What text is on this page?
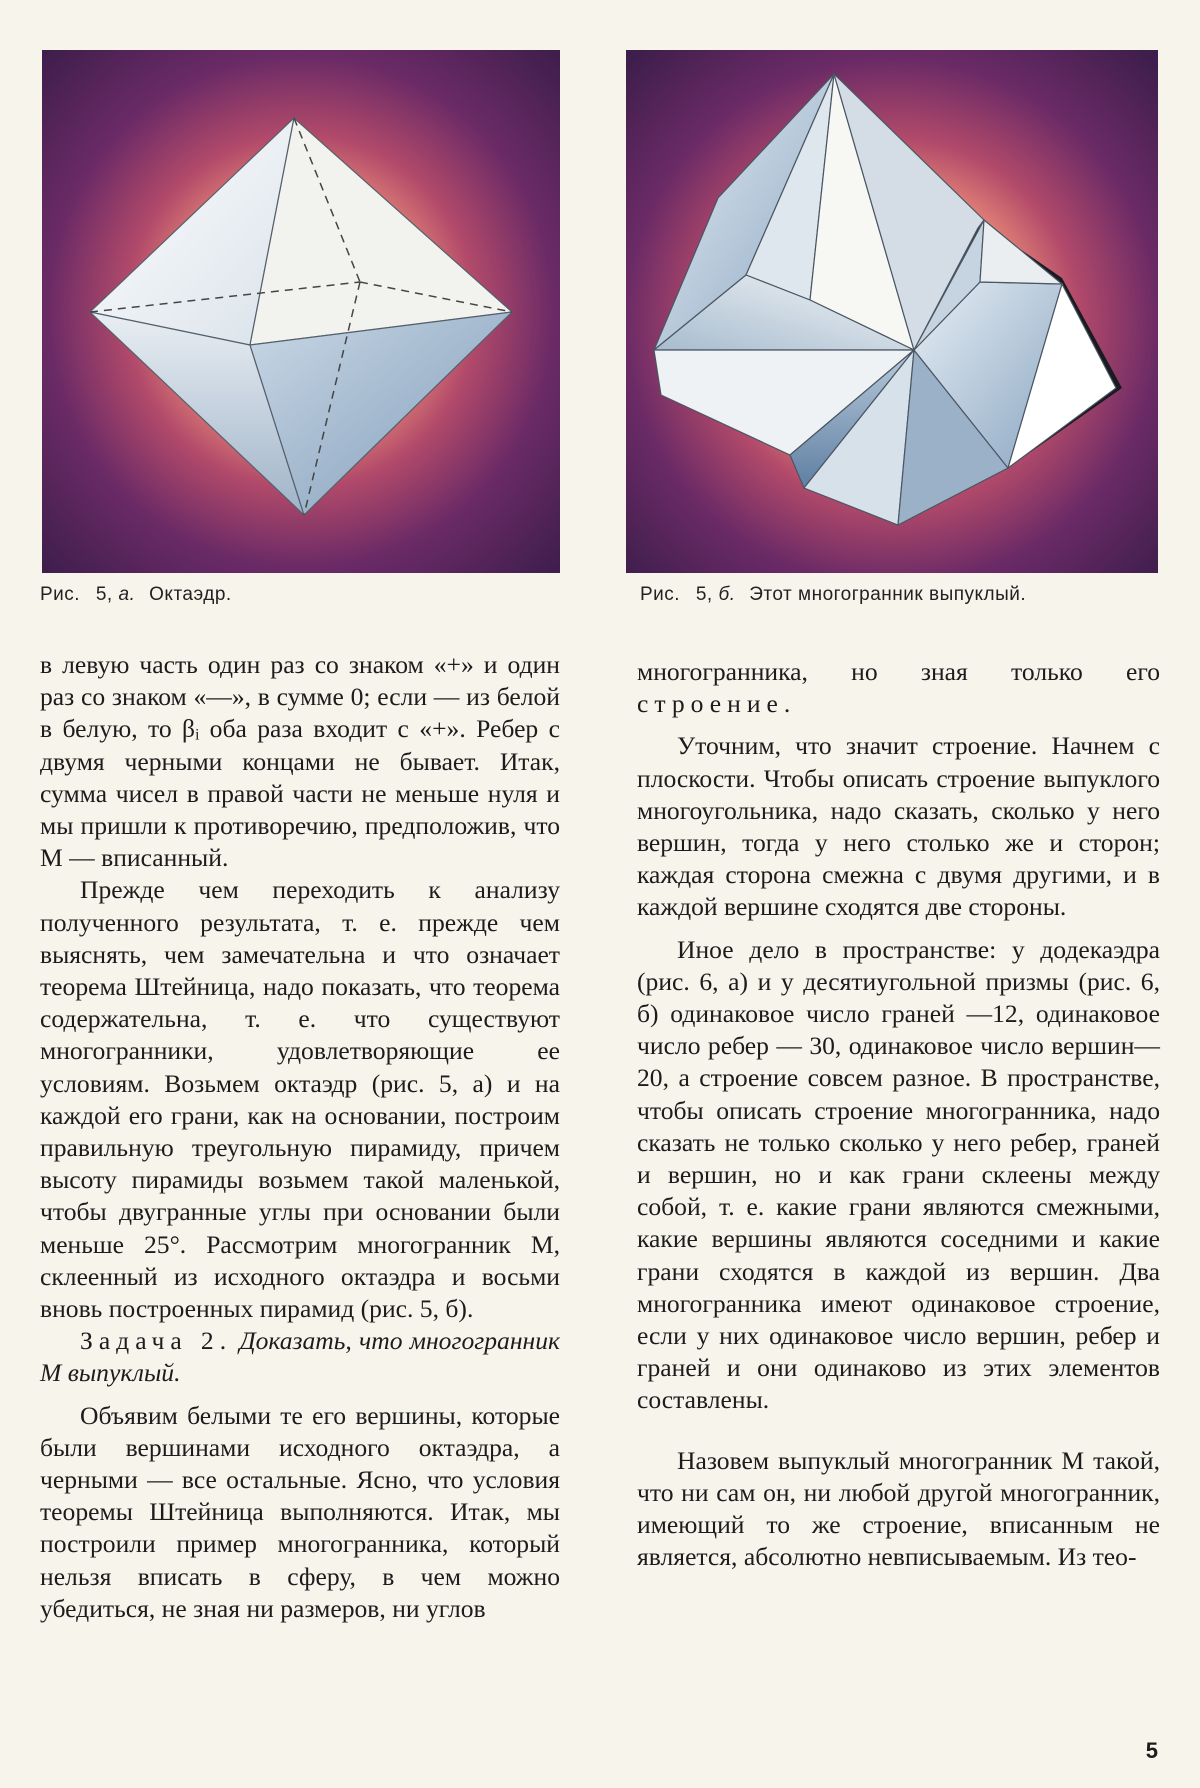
Рис. 5, а. Октаэдр.	Рис. 5, б. Этот многогранник выпуклый.

в левую часть один раз со знаком «+» и один раз со знаком «—», в сумме 0; если — из белой в белую, то βᵢ оба раза входит с «+». Ребер с двумя черными концами не бывает. Итак, сумма чисел в правой части не меньше нуля и мы пришли к противоречию, предположив, что M — вписанный.

Прежде чем переходить к анализу полученного результата, т. е. прежде чем выяснять, чем замечательна и что означает теорема Штейница, надо показать, что теорема содержательна, т. е. что существуют многогранники, удовлетворяющие ее условиям. Возьмем октаэдр (рис. 5, а) и на каждой его грани, как на основании, построим правильную треугольную пирамиду, причем высоту пирамиды возьмем такой маленькой, чтобы двугранные углы при основании были меньше 25°. Рассмотрим многогранник M, склеенный из исходного октаэдра и восьми вновь построенных пирамид (рис. 5, б).

Задача 2. Доказать, что многогранник M выпуклый.

Объявим белыми те его вершины, которые были вершинами исходного октаэдра, а черными — все остальные. Ясно, что условия теоремы Штейница выполняются. Итак, мы построили пример многогранника, который нельзя вписать в сферу, в чем можно убедиться, не зная ни размеров, ни углов

многогранника, но зная только его строение.

Уточним, что значит строение. Начнем с плоскости. Чтобы описать строение выпуклого многоугольника, надо сказать, сколько у него вершин, тогда у него столько же и сторон; каждая сторона смежна с двумя другими, и в каждой вершине сходятся две стороны.

Иное дело в пространстве: у додекаэдра (рис. 6, а) и у десятиугольной призмы (рис. 6, б) одинаковое число граней —12, одинаковое число ребер — 30, одинаковое число вершин— 20, а строение совсем разное. В пространстве, чтобы описать строение многогранника, надо сказать не только сколько у него ребер, граней и вершин, но и как грани склеены между собой, т. е. какие грани являются смежными, какие вершины являются соседними и какие грани сходятся в каждой из вершин. Два многогранника имеют одинаковое строение, если у них одинаковое число вершин, ребер и граней и они одинаково из этих элементов составлены.

Назовем выпуклый многогранник M такой, что ни сам он, ни любой другой многогранник, имеющий то же строение, вписанным не является, абсолютно невписываемым. Из тео-

5
